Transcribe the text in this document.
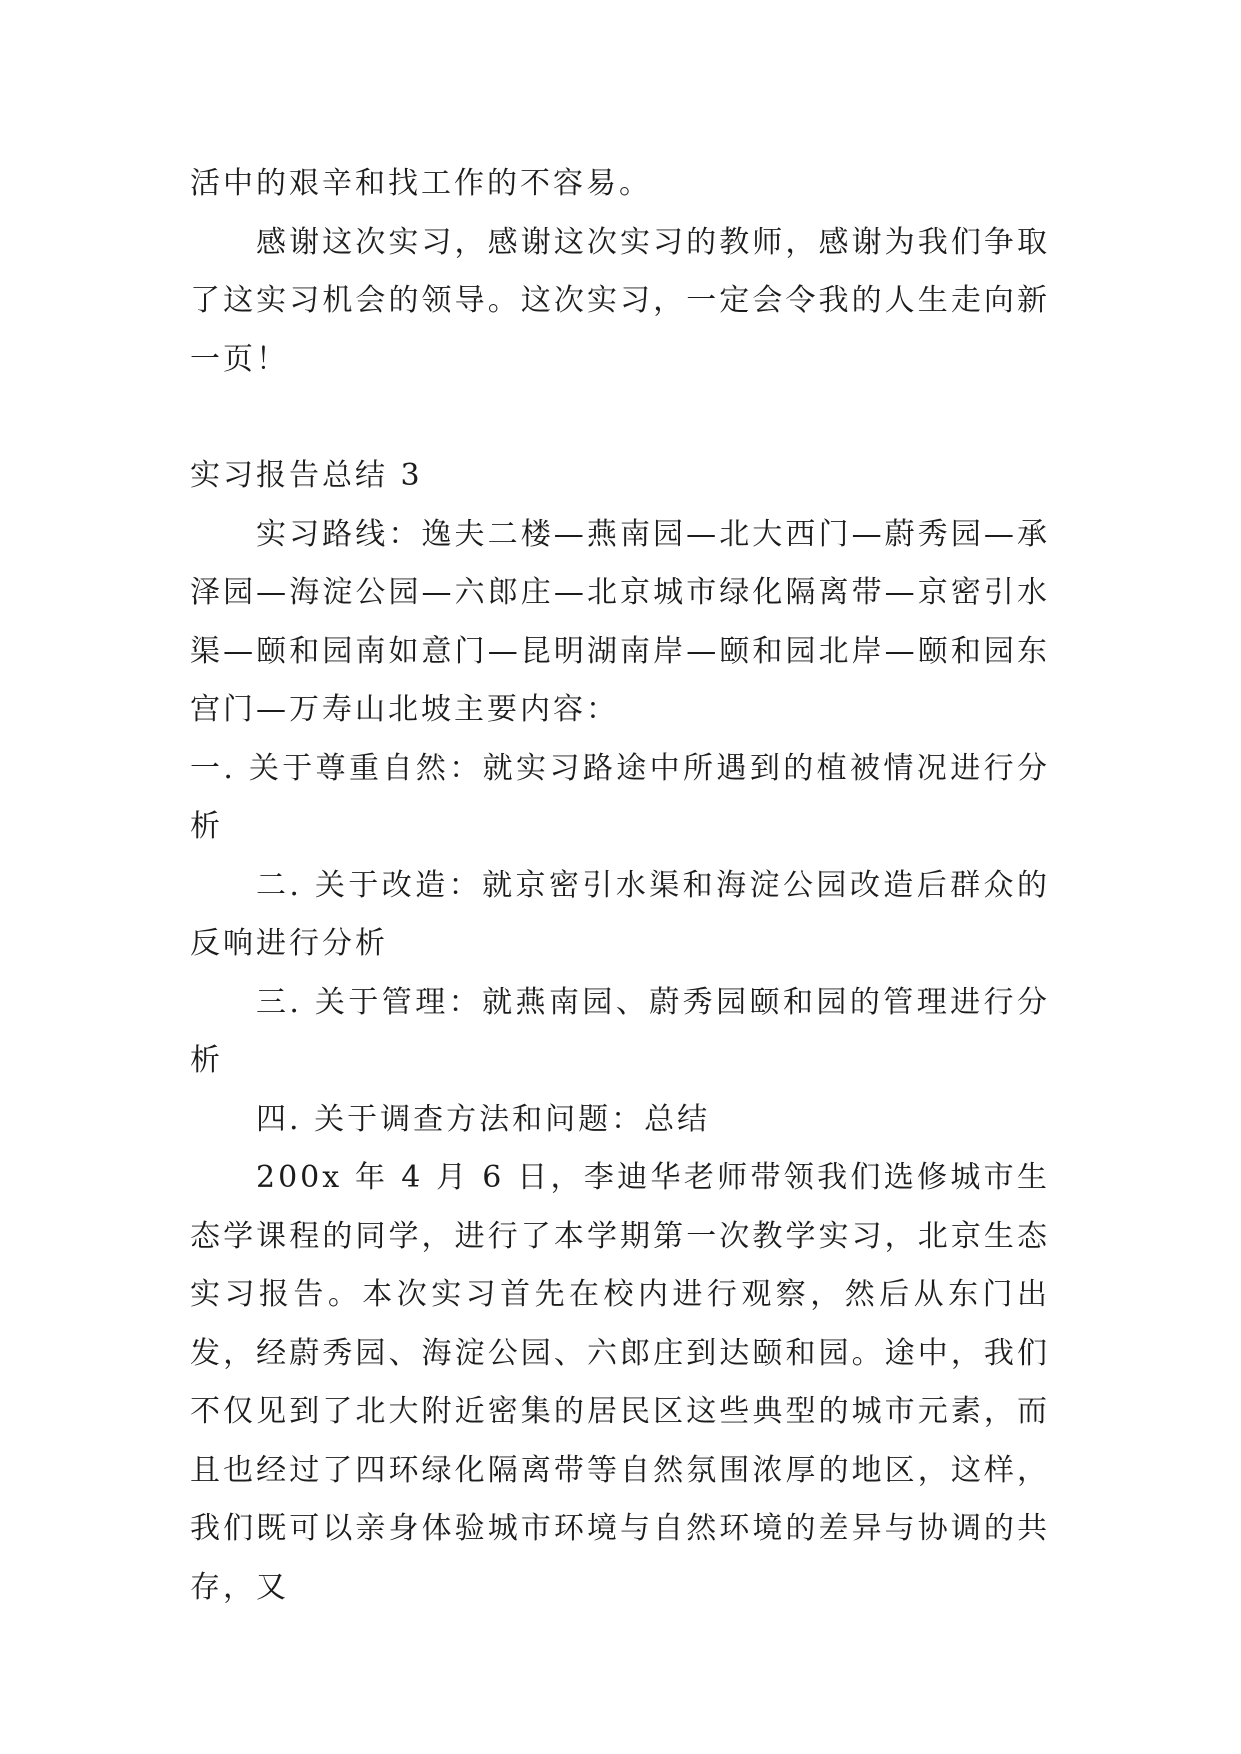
活中的艰辛和找工作的不容易。

感谢这次实习，感谢这次实习的教师，感谢为我们争取了这实习机会的领导。这次实习，一定会令我的人生走向新一页！

实习报告总结 3

实习路线：逸夫二楼—燕南园—北大西门—蔚秀园—承泽园—海淀公园—六郎庄—北京城市绿化隔离带—京密引水渠—颐和园南如意门—昆明湖南岸—颐和园北岸—颐和园东宫门—万寿山北坡主要内容：

一. 关于尊重自然：就实习路途中所遇到的植被情况进行分析

二. 关于改造：就京密引水渠和海淀公园改造后群众的反响进行分析

三. 关于管理：就燕南园、蔚秀园颐和园的管理进行分析

四. 关于调查方法和问题：总结

200x 年 4 月 6 日，李迪华老师带领我们选修城市生态学课程的同学，进行了本学期第一次教学实习，北京生态实习报告。本次实习首先在校内进行观察，然后从东门出发，经蔚秀园、海淀公园、六郎庄到达颐和园。途中，我们不仅见到了北大附近密集的居民区这些典型的城市元素，而且也经过了四环绿化隔离带等自然氛围浓厚的地区，这样，我们既可以亲身体验城市环境与自然环境的差异与协调的共存，又
